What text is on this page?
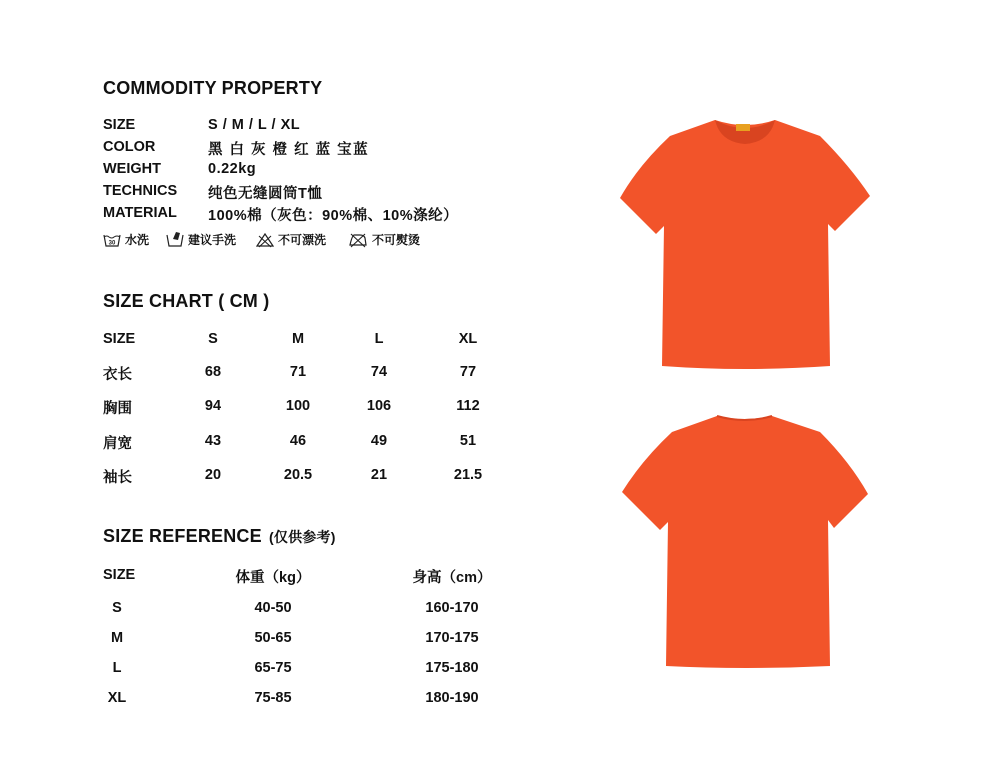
COMMODITY PROPERTY
SIZE	S / M / L / XL
COLOR	黑 白 灰 橙 红 蓝 宝蓝
WEIGHT	0.22kg
TECHNICS 纯色无缝圆筒T恤
MATERIAL 100%棉（灰色：90%棉、10%涤纶）
30 水洗	建议手洗	不可漂洗	不可熨烫
SIZE CHART ( CM )
SIZE	S	M	L	XL
衣长	68	71	74	77
胸围	94	100	106	112
肩宽	43	46	49	51
袖长	20	20.5	21	21.5
SIZE REFERENCE (仅供参考)
SIZE	体重（kg）	身高（cm）
S	40-50	160-170
M	50-65	170-175
L	65-75	175-180
XL	75-85	180-190
